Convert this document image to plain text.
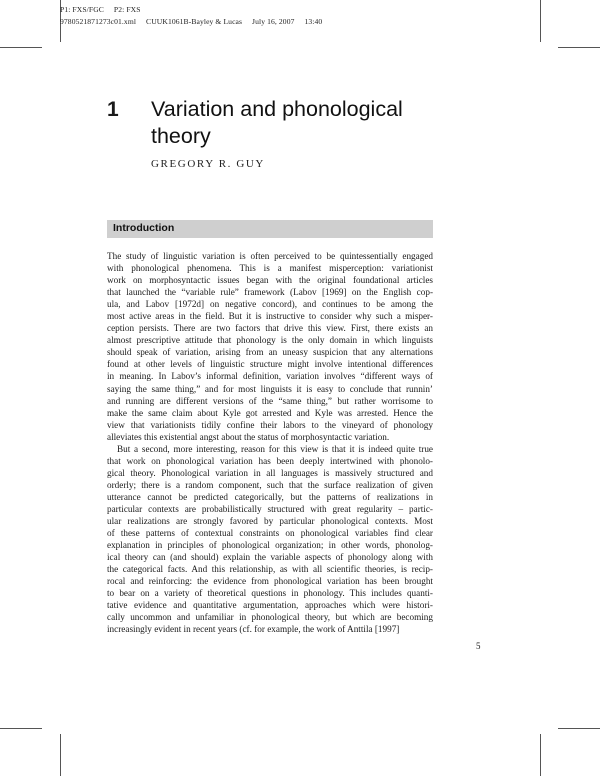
P1: FXS/FGC     P2: FXS
9780521871273c01.xml     CUUK1061B-Bayley & Lucas     July 16, 2007     13:40
1 Variation and phonological
theory
GREGORY R. GUY
Introduction
The study of linguistic variation is often perceived to be quintessentially engaged
with phonological phenomena. This is a manifest misperception: variationist
work on morphosyntactic issues began with the original foundational articles
that launched the “variable rule” framework (Labov [1969] on the English cop-
ula, and Labov [1972d] on negative concord), and continues to be among the
most active areas in the field. But it is instructive to consider why such a misper-
ception persists. There are two factors that drive this view. First, there exists an
almost prescriptive attitude that phonology is the only domain in which linguists
should speak of variation, arising from an uneasy suspicion that any alternations
found at other levels of linguistic structure might involve intentional differences
in meaning. In Labov’s informal definition, variation involves “different ways of
saying the same thing,” and for most linguists it is easy to conclude that runnin’
and running are different versions of the “same thing,” but rather worrisome to
make the same claim about Kyle got arrested and Kyle was arrested. Hence the
view that variationists tidily confine their labors to the vineyard of phonology
alleviates this existential angst about the status of morphosyntactic variation.
But a second, more interesting, reason for this view is that it is indeed quite true
that work on phonological variation has been deeply intertwined with phonolo-
gical theory. Phonological variation in all languages is massively structured and
orderly; there is a random component, such that the surface realization of given
utterance cannot be predicted categorically, but the patterns of realizations in
particular contexts are probabilistically structured with great regularity – partic-
ular realizations are strongly favored by particular phonological contexts. Most
of these patterns of contextual constraints on phonological variables find clear
explanation in principles of phonological organization; in other words, phonolog-
ical theory can (and should) explain the variable aspects of phonology along with
the categorical facts. And this relationship, as with all scientific theories, is recip-
rocal and reinforcing: the evidence from phonological variation has been brought
to bear on a variety of theoretical questions in phonology. This includes quanti-
tative evidence and quantitative argumentation, approaches which were histori-
cally uncommon and unfamiliar in phonological theory, but which are becoming
increasingly evident in recent years (cf. for example, the work of Anttila [1997]
5
